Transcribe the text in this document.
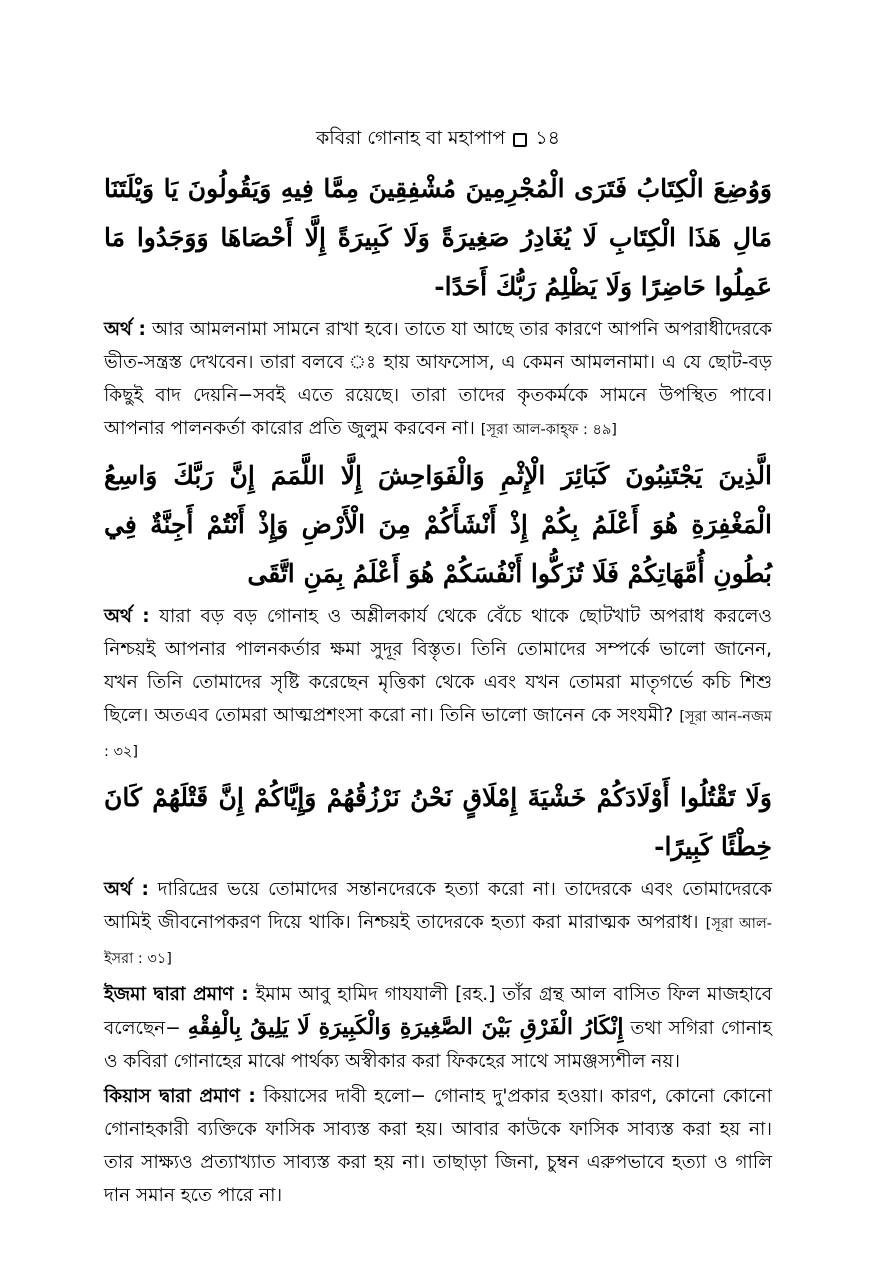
কবিরা গোনাহ বা মহাপাপ ১৪
وَوُضِعَ الْكِتَابُ فَتَرَى الْمُجْرِمِينَ مُشْفِقِينَ مِمَّا فِيهِ وَيَقُولُونَ يَا وَيْلَتَنَا مَالِ هَذَا الْكِتَابِ لَا يُغَادِرُ صَغِيرَةً وَلَا كَبِيرَةً إِلَّا أَحْصَاهَا وَوَجَدُوا مَا عَمِلُوا حَاضِرًا وَلَا يَظْلِمُ رَبُّكَ أَحَدًا-

অর্থ : আর আমলনামা সামনে রাখা হবে। তাতে যা আছে তার কারণে আপনি অপরাধীদেরকে ভীত-সন্ত্রস্ত দেখবেন। তারা বলবে ঃ হায় আফসোস, এ কেমন আমলনামা। এ যে ছোট-বড় কিছুই বাদ দেয়নি−সবই এতে রয়েছে। তারা তাদের কৃতকর্মকে সামনে উপস্থিত পাবে। আপনার পালনকর্তা কারোর প্রতি জুলুম করবেন না। [সূরা আল-কাহ্ফ : ৪৯]

الَّذِينَ يَجْتَنِبُونَ كَبَائِرَ الْإِثْمِ وَالْفَوَاحِشَ إِلَّا اللَّمَمَ إِنَّ رَبَّكَ وَاسِعُ الْمَغْفِرَةِ هُوَ أَعْلَمُ بِكُمْ إِذْ أَنْشَأَكُمْ مِنَ الْأَرْضِ وَإِذْ أَنْتُمْ أَجِنَّةٌ فِي بُطُونِ أُمَّهَاتِكُمْ فَلَا تُزَكُّوا أَنْفُسَكُمْ هُوَ أَعْلَمُ بِمَنِ اتَّقَى

অর্থ : যারা বড় বড় গোনাহ ও অশ্লীলকার্য থেকে বেঁচে থাকে ছোটখাট অপরাধ করলেও নিশ্চয়ই আপনার পালনকর্তার ক্ষমা সুদূর বিস্তৃত। তিনি তোমাদের সম্পর্কে ভালো জানেন, যখন তিনি তোমাদের সৃষ্টি করেছেন মৃত্তিকা থেকে এবং যখন তোমরা মাতৃগর্ভে কচি শিশু ছিলে। অতএব তোমরা আত্মপ্রশংসা করো না। তিনি ভালো জানেন কে সংযমী? [সূরা আন-নজম : ৩২]

وَلَا تَقْتُلُوا أَوْلَادَكُمْ خَشْيَةَ إِمْلَاقٍ نَحْنُ نَرْزُقُهُمْ وَإِيَّاكُمْ إِنَّ قَتْلَهُمْ كَانَ خِطْئًا كَبِيرًا-

অর্থ : দারিদ্রের ভয়ে তোমাদের সন্তানদেরকে হত্যা করো না। তাদেরকে এবং তোমাদেরকে আমিই জীবনোপকরণ দিয়ে থাকি। নিশ্চয়ই তাদেরকে হত্যা করা মারাত্মক অপরাধ। [সূরা আল-ইসরা : ৩১]

ইজমা দ্বারা প্রমাণ : ইমাম আবু হামিদ গাযযালী [রহ.] তাঁর গ্রন্থ আল বাসিত ফিল মাজহাবে বলেছেন− إِنْكَارُ الْفَرْقِ بَيْنَ الصَّغِيرَةِ وَالْكَبِيرَةِ لَا يَلِيقُ بِالْفِقْهِ তথা সগিরা গোনাহ ও কবিরা গোনাহের মাঝে পার্থক্য অস্বীকার করা ফিকহের সাথে সামঞ্জস্যশীল নয়।

কিয়াস দ্বারা প্রমাণ : কিয়াসের দাবী হলো− গোনাহ দু'প্রকার হওয়া। কারণ, কোনো কোনো গোনাহকারী ব্যক্তিকে ফাসিক সাব্যস্ত করা হয়। আবার কাউকে ফাসিক সাব্যস্ত করা হয় না। তার সাক্ষ্যও প্রত্যাখ্যাত সাব্যস্ত করা হয় না। তাছাড়া জিনা, চুম্বন এরুপভাবে হত্যা ও গালি দান সমান হতে পারে না।
